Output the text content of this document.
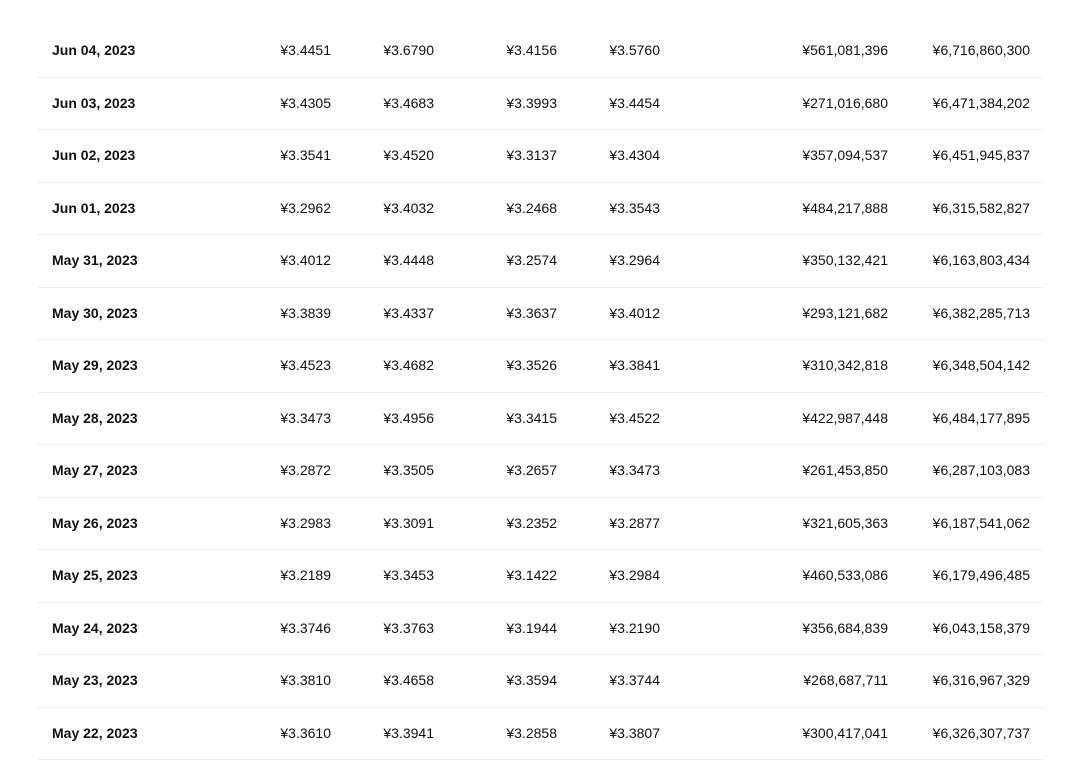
Jun 04, 2023	¥3.4451	¥3.6790	¥3.4156	¥3.5760	¥561,081,396	¥6,716,860,300
Jun 03, 2023	¥3.4305	¥3.4683	¥3.3993	¥3.4454	¥271,016,680	¥6,471,384,202
Jun 02, 2023	¥3.3541	¥3.4520	¥3.3137	¥3.4304	¥357,094,537	¥6,451,945,837
Jun 01, 2023	¥3.2962	¥3.4032	¥3.2468	¥3.3543	¥484,217,888	¥6,315,582,827
May 31, 2023	¥3.4012	¥3.4448	¥3.2574	¥3.2964	¥350,132,421	¥6,163,803,434
May 30, 2023	¥3.3839	¥3.4337	¥3.3637	¥3.4012	¥293,121,682	¥6,382,285,713
May 29, 2023	¥3.4523	¥3.4682	¥3.3526	¥3.3841	¥310,342,818	¥6,348,504,142
May 28, 2023	¥3.3473	¥3.4956	¥3.3415	¥3.4522	¥422,987,448	¥6,484,177,895
May 27, 2023	¥3.2872	¥3.3505	¥3.2657	¥3.3473	¥261,453,850	¥6,287,103,083
May 26, 2023	¥3.2983	¥3.3091	¥3.2352	¥3.2877	¥321,605,363	¥6,187,541,062
May 25, 2023	¥3.2189	¥3.3453	¥3.1422	¥3.2984	¥460,533,086	¥6,179,496,485
May 24, 2023	¥3.3746	¥3.3763	¥3.1944	¥3.2190	¥356,684,839	¥6,043,158,379
May 23, 2023	¥3.3810	¥3.4658	¥3.3594	¥3.3744	¥268,687,711	¥6,316,967,329
May 22, 2023	¥3.3610	¥3.3941	¥3.2858	¥3.3807	¥300,417,041	¥6,326,307,737
